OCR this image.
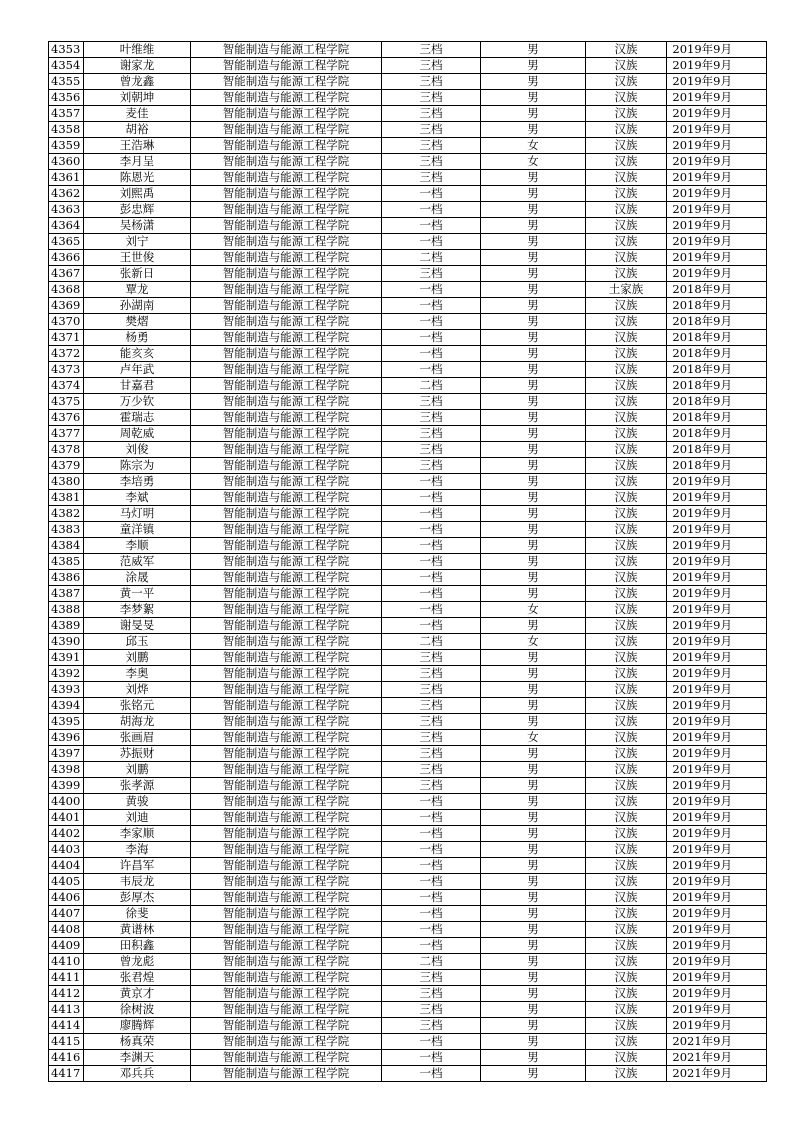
4353	叶维维	智能制造与能源工程学院	三档	男	汉族	2019年9月
4354	谢家龙	智能制造与能源工程学院	三档	男	汉族	2019年9月
4355	曾龙鑫	智能制造与能源工程学院	三档	男	汉族	2019年9月
4356	刘朝坤	智能制造与能源工程学院	三档	男	汉族	2019年9月
4357	麦佳	智能制造与能源工程学院	三档	男	汉族	2019年9月
4358	胡裕	智能制造与能源工程学院	三档	男	汉族	2019年9月
4359	王浩琳	智能制造与能源工程学院	三档	女	汉族	2019年9月
4360	李月呈	智能制造与能源工程学院	三档	女	汉族	2019年9月
4361	陈恩光	智能制造与能源工程学院	三档	男	汉族	2019年9月
4362	刘熙禹	智能制造与能源工程学院	一档	男	汉族	2019年9月
4363	彭忠辉	智能制造与能源工程学院	一档	男	汉族	2019年9月
4364	吴杨潇	智能制造与能源工程学院	一档	男	汉族	2019年9月
4365	刘宁	智能制造与能源工程学院	一档	男	汉族	2019年9月
4366	王世俊	智能制造与能源工程学院	二档	男	汉族	2019年9月
4367	张新日	智能制造与能源工程学院	三档	男	汉族	2019年9月
4368	覃龙	智能制造与能源工程学院	一档	男	土家族	2018年9月
4369	孙湖南	智能制造与能源工程学院	一档	男	汉族	2018年9月
4370	樊熠	智能制造与能源工程学院	一档	男	汉族	2018年9月
4371	杨勇	智能制造与能源工程学院	一档	男	汉族	2018年9月
4372	能亥亥	智能制造与能源工程学院	一档	男	汉族	2018年9月
4373	卢年武	智能制造与能源工程学院	一档	男	汉族	2018年9月
4374	甘嘉君	智能制造与能源工程学院	二档	男	汉族	2018年9月
4375	万少钦	智能制造与能源工程学院	三档	男	汉族	2018年9月
4376	霍瑞志	智能制造与能源工程学院	三档	男	汉族	2018年9月
4377	周乾威	智能制造与能源工程学院	三档	男	汉族	2018年9月
4378	刘俊	智能制造与能源工程学院	三档	男	汉族	2018年9月
4379	陈宗为	智能制造与能源工程学院	三档	男	汉族	2018年9月
4380	李培勇	智能制造与能源工程学院	一档	男	汉族	2019年9月
4381	李斌	智能制造与能源工程学院	一档	男	汉族	2019年9月
4382	马灯明	智能制造与能源工程学院	一档	男	汉族	2019年9月
4383	童洋镇	智能制造与能源工程学院	一档	男	汉族	2019年9月
4384	李顺	智能制造与能源工程学院	一档	男	汉族	2019年9月
4385	范威军	智能制造与能源工程学院	一档	男	汉族	2019年9月
4386	涂晟	智能制造与能源工程学院	一档	男	汉族	2019年9月
4387	黄一平	智能制造与能源工程学院	一档	男	汉族	2019年9月
4388	李梦絮	智能制造与能源工程学院	一档	女	汉族	2019年9月
4389	谢旻旻	智能制造与能源工程学院	一档	男	汉族	2019年9月
4390	邱玉	智能制造与能源工程学院	二档	女	汉族	2019年9月
4391	刘鹏	智能制造与能源工程学院	三档	男	汉族	2019年9月
4392	李奥	智能制造与能源工程学院	三档	男	汉族	2019年9月
4393	刘烨	智能制造与能源工程学院	三档	男	汉族	2019年9月
4394	张铭元	智能制造与能源工程学院	三档	男	汉族	2019年9月
4395	胡海龙	智能制造与能源工程学院	三档	男	汉族	2019年9月
4396	张画眉	智能制造与能源工程学院	三档	女	汉族	2019年9月
4397	苏振财	智能制造与能源工程学院	三档	男	汉族	2019年9月
4398	刘鹏	智能制造与能源工程学院	三档	男	汉族	2019年9月
4399	张孝源	智能制造与能源工程学院	三档	男	汉族	2019年9月
4400	黄骏	智能制造与能源工程学院	一档	男	汉族	2019年9月
4401	刘迪	智能制造与能源工程学院	一档	男	汉族	2019年9月
4402	李家顺	智能制造与能源工程学院	一档	男	汉族	2019年9月
4403	李海	智能制造与能源工程学院	一档	男	汉族	2019年9月
4404	许昌军	智能制造与能源工程学院	一档	男	汉族	2019年9月
4405	韦辰龙	智能制造与能源工程学院	一档	男	汉族	2019年9月
4406	彭厚杰	智能制造与能源工程学院	一档	男	汉族	2019年9月
4407	徐斐	智能制造与能源工程学院	一档	男	汉族	2019年9月
4408	黄谱林	智能制造与能源工程学院	一档	男	汉族	2019年9月
4409	田积鑫	智能制造与能源工程学院	一档	男	汉族	2019年9月
4410	曾龙彪	智能制造与能源工程学院	二档	男	汉族	2019年9月
4411	张君煌	智能制造与能源工程学院	三档	男	汉族	2019年9月
4412	黄京才	智能制造与能源工程学院	三档	男	汉族	2019年9月
4413	徐树波	智能制造与能源工程学院	三档	男	汉族	2019年9月
4414	廖腾辉	智能制造与能源工程学院	三档	男	汉族	2019年9月
4415	杨真荣	智能制造与能源工程学院	一档	男	汉族	2021年9月
4416	李渊天	智能制造与能源工程学院	一档	男	汉族	2021年9月
4417	邓兵兵	智能制造与能源工程学院	一档	男	汉族	2021年9月
